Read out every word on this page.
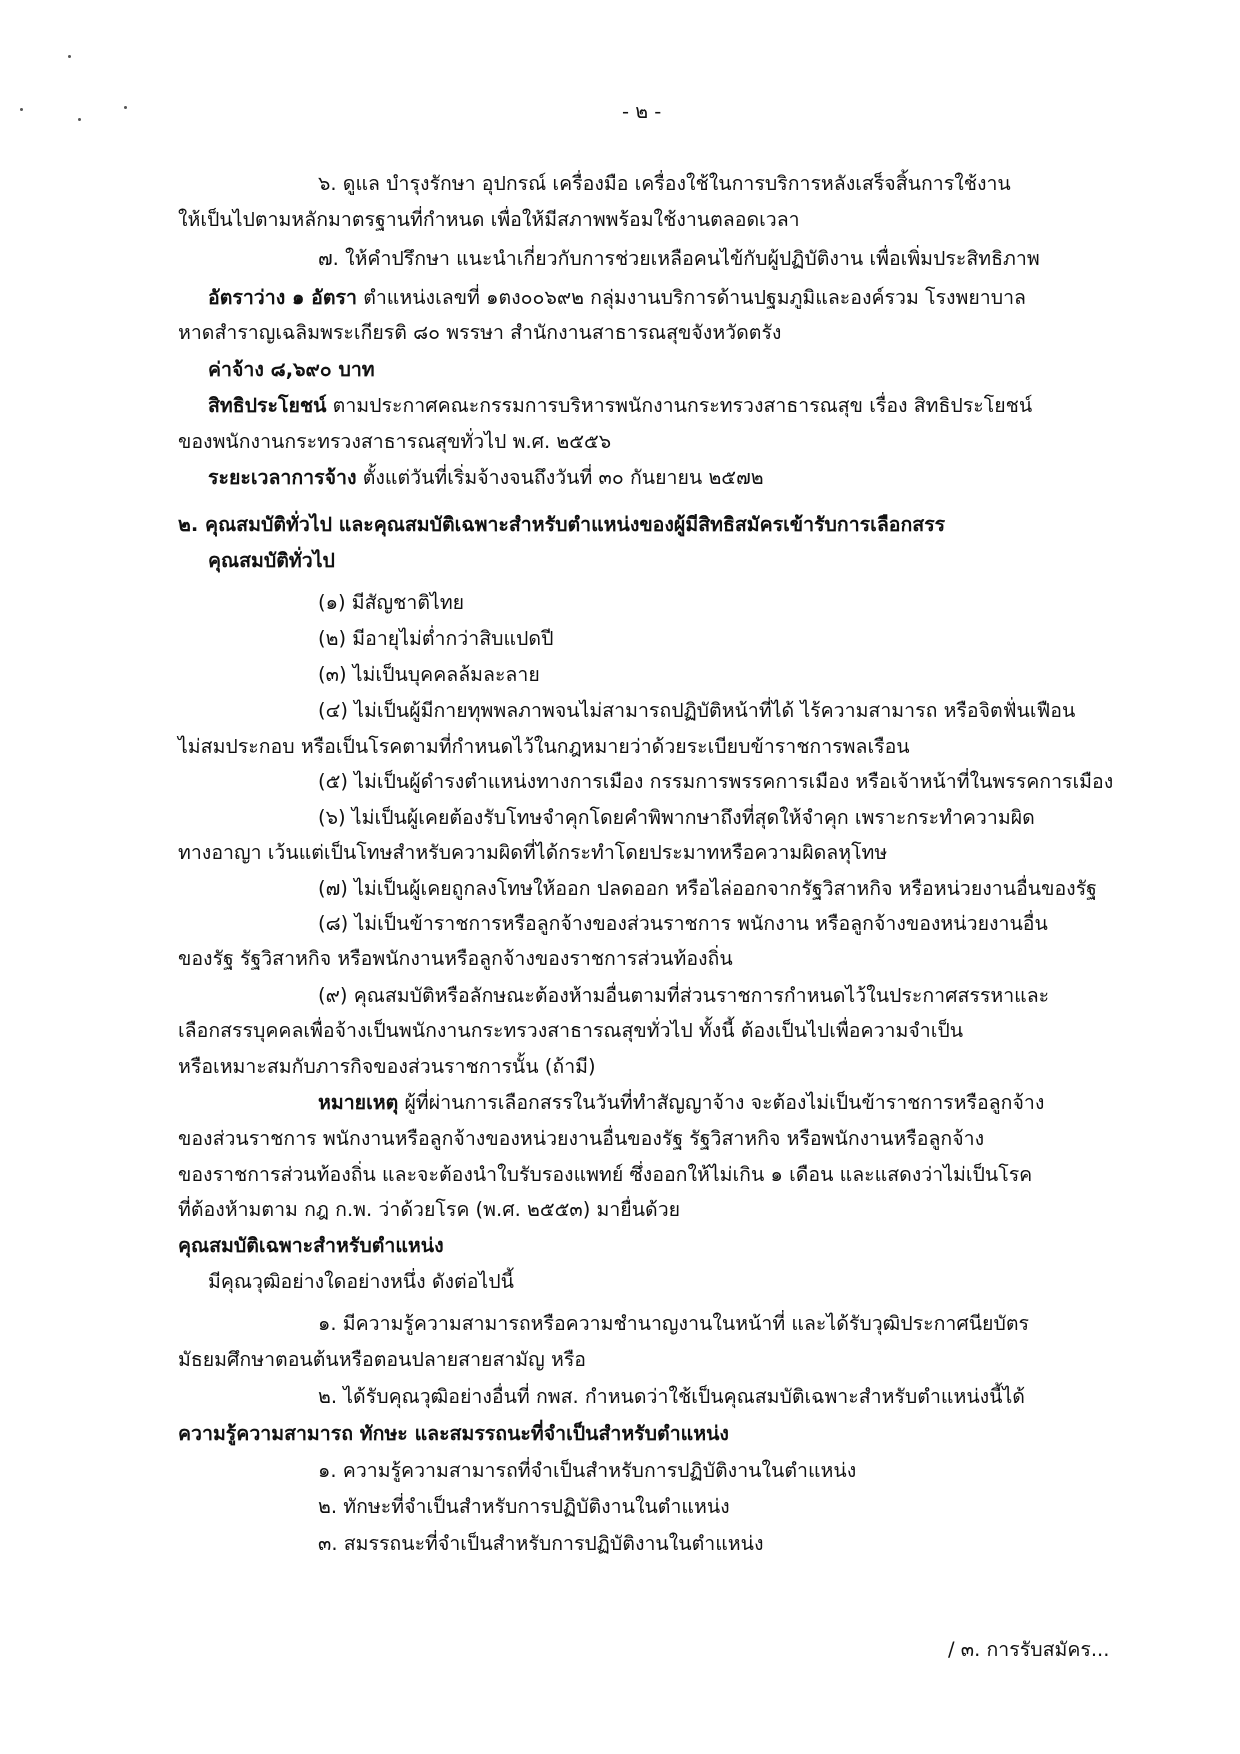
- ๒ -
๖. ดูแล บำรุงรักษา อุปกรณ์ เครื่องมือ เครื่องใช้ในการบริการหลังเสร็จสิ้นการใช้งาน
ให้เป็นไปตามหลักมาตรฐานที่กำหนด เพื่อให้มีสภาพพร้อมใช้งานตลอดเวลา
๗. ให้คำปรึกษา แนะนำเกี่ยวกับการช่วยเหลือคนไข้กับผู้ปฏิบัติงาน เพื่อเพิ่มประสิทธิภาพ
อัตราว่าง ๑ อัตรา ตำแหน่งเลขที่ ๑ตง๐๐๖๙๒ กลุ่มงานบริการด้านปฐมภูมิและองค์รวม โรงพยาบาล
หาดสำราญเฉลิมพระเกียรติ ๘๐ พรรษา สำนักงานสาธารณสุขจังหวัดตรัง
ค่าจ้าง ๘,๖๙๐ บาท
สิทธิประโยชน์ ตามประกาศคณะกรรมการบริหารพนักงานกระทรวงสาธารณสุข เรื่อง สิทธิประโยชน์
ของพนักงานกระทรวงสาธารณสุขทั่วไป พ.ศ. ๒๕๕๖
ระยะเวลาการจ้าง ตั้งแต่วันที่เริ่มจ้างจนถึงวันที่ ๓๐ กันยายน ๒๕๗๒
๒. คุณสมบัติทั่วไป และคุณสมบัติเฉพาะสำหรับตำแหน่งของผู้มีสิทธิสมัครเข้ารับการเลือกสรร
คุณสมบัติทั่วไป
(๑) มีสัญชาติไทย
(๒) มีอายุไม่ต่ำกว่าสิบแปดปี
(๓) ไม่เป็นบุคคลล้มละลาย
(๔) ไม่เป็นผู้มีกายทุพพลภาพจนไม่สามารถปฏิบัติหน้าที่ได้ ไร้ความสามารถ หรือจิตฟั่นเฟือน
ไม่สมประกอบ หรือเป็นโรคตามที่กำหนดไว้ในกฎหมายว่าด้วยระเบียบข้าราชการพลเรือน
(๕) ไม่เป็นผู้ดำรงตำแหน่งทางการเมือง กรรมการพรรคการเมือง หรือเจ้าหน้าที่ในพรรคการเมือง
(๖) ไม่เป็นผู้เคยต้องรับโทษจำคุกโดยคำพิพากษาถึงที่สุดให้จำคุก เพราะกระทำความผิด
ทางอาญา เว้นแต่เป็นโทษสำหรับความผิดที่ได้กระทำโดยประมาทหรือความผิดลหุโทษ
(๗) ไม่เป็นผู้เคยถูกลงโทษให้ออก ปลดออก หรือไล่ออกจากรัฐวิสาหกิจ หรือหน่วยงานอื่นของรัฐ
(๘) ไม่เป็นข้าราชการหรือลูกจ้างของส่วนราชการ พนักงาน หรือลูกจ้างของหน่วยงานอื่น
ของรัฐ รัฐวิสาหกิจ หรือพนักงานหรือลูกจ้างของราชการส่วนท้องถิ่น
(๙) คุณสมบัติหรือลักษณะต้องห้ามอื่นตามที่ส่วนราชการกำหนดไว้ในประกาศสรรหาและ
เลือกสรรบุคคลเพื่อจ้างเป็นพนักงานกระทรวงสาธารณสุขทั่วไป ทั้งนี้ ต้องเป็นไปเพื่อความจำเป็น
หรือเหมาะสมกับภารกิจของส่วนราชการนั้น (ถ้ามี)
หมายเหตุ ผู้ที่ผ่านการเลือกสรรในวันที่ทำสัญญาจ้าง จะต้องไม่เป็นข้าราชการหรือลูกจ้าง
ของส่วนราชการ พนักงานหรือลูกจ้างของหน่วยงานอื่นของรัฐ รัฐวิสาหกิจ หรือพนักงานหรือลูกจ้าง
ของราชการส่วนท้องถิ่น และจะต้องนำใบรับรองแพทย์ ซึ่งออกให้ไม่เกิน ๑ เดือน และแสดงว่าไม่เป็นโรค
ที่ต้องห้ามตาม กฎ ก.พ. ว่าด้วยโรค (พ.ศ. ๒๕๕๓) มายื่นด้วย
คุณสมบัติเฉพาะสำหรับตำแหน่ง
มีคุณวุฒิอย่างใดอย่างหนึ่ง ดังต่อไปนี้
๑. มีความรู้ความสามารถหรือความชำนาญงานในหน้าที่ และได้รับวุฒิประกาศนียบัตร
มัธยมศึกษาตอนต้นหรือตอนปลายสายสามัญ หรือ
๒. ได้รับคุณวุฒิอย่างอื่นที่ กพส. กำหนดว่าใช้เป็นคุณสมบัติเฉพาะสำหรับตำแหน่งนี้ได้
ความรู้ความสามารถ ทักษะ และสมรรถนะที่จำเป็นสำหรับตำแหน่ง
๑. ความรู้ความสามารถที่จำเป็นสำหรับการปฏิบัติงานในตำแหน่ง
๒. ทักษะที่จำเป็นสำหรับการปฏิบัติงานในตำแหน่ง
๓. สมรรถนะที่จำเป็นสำหรับการปฏิบัติงานในตำแหน่ง
/ ๓. การรับสมัคร...
